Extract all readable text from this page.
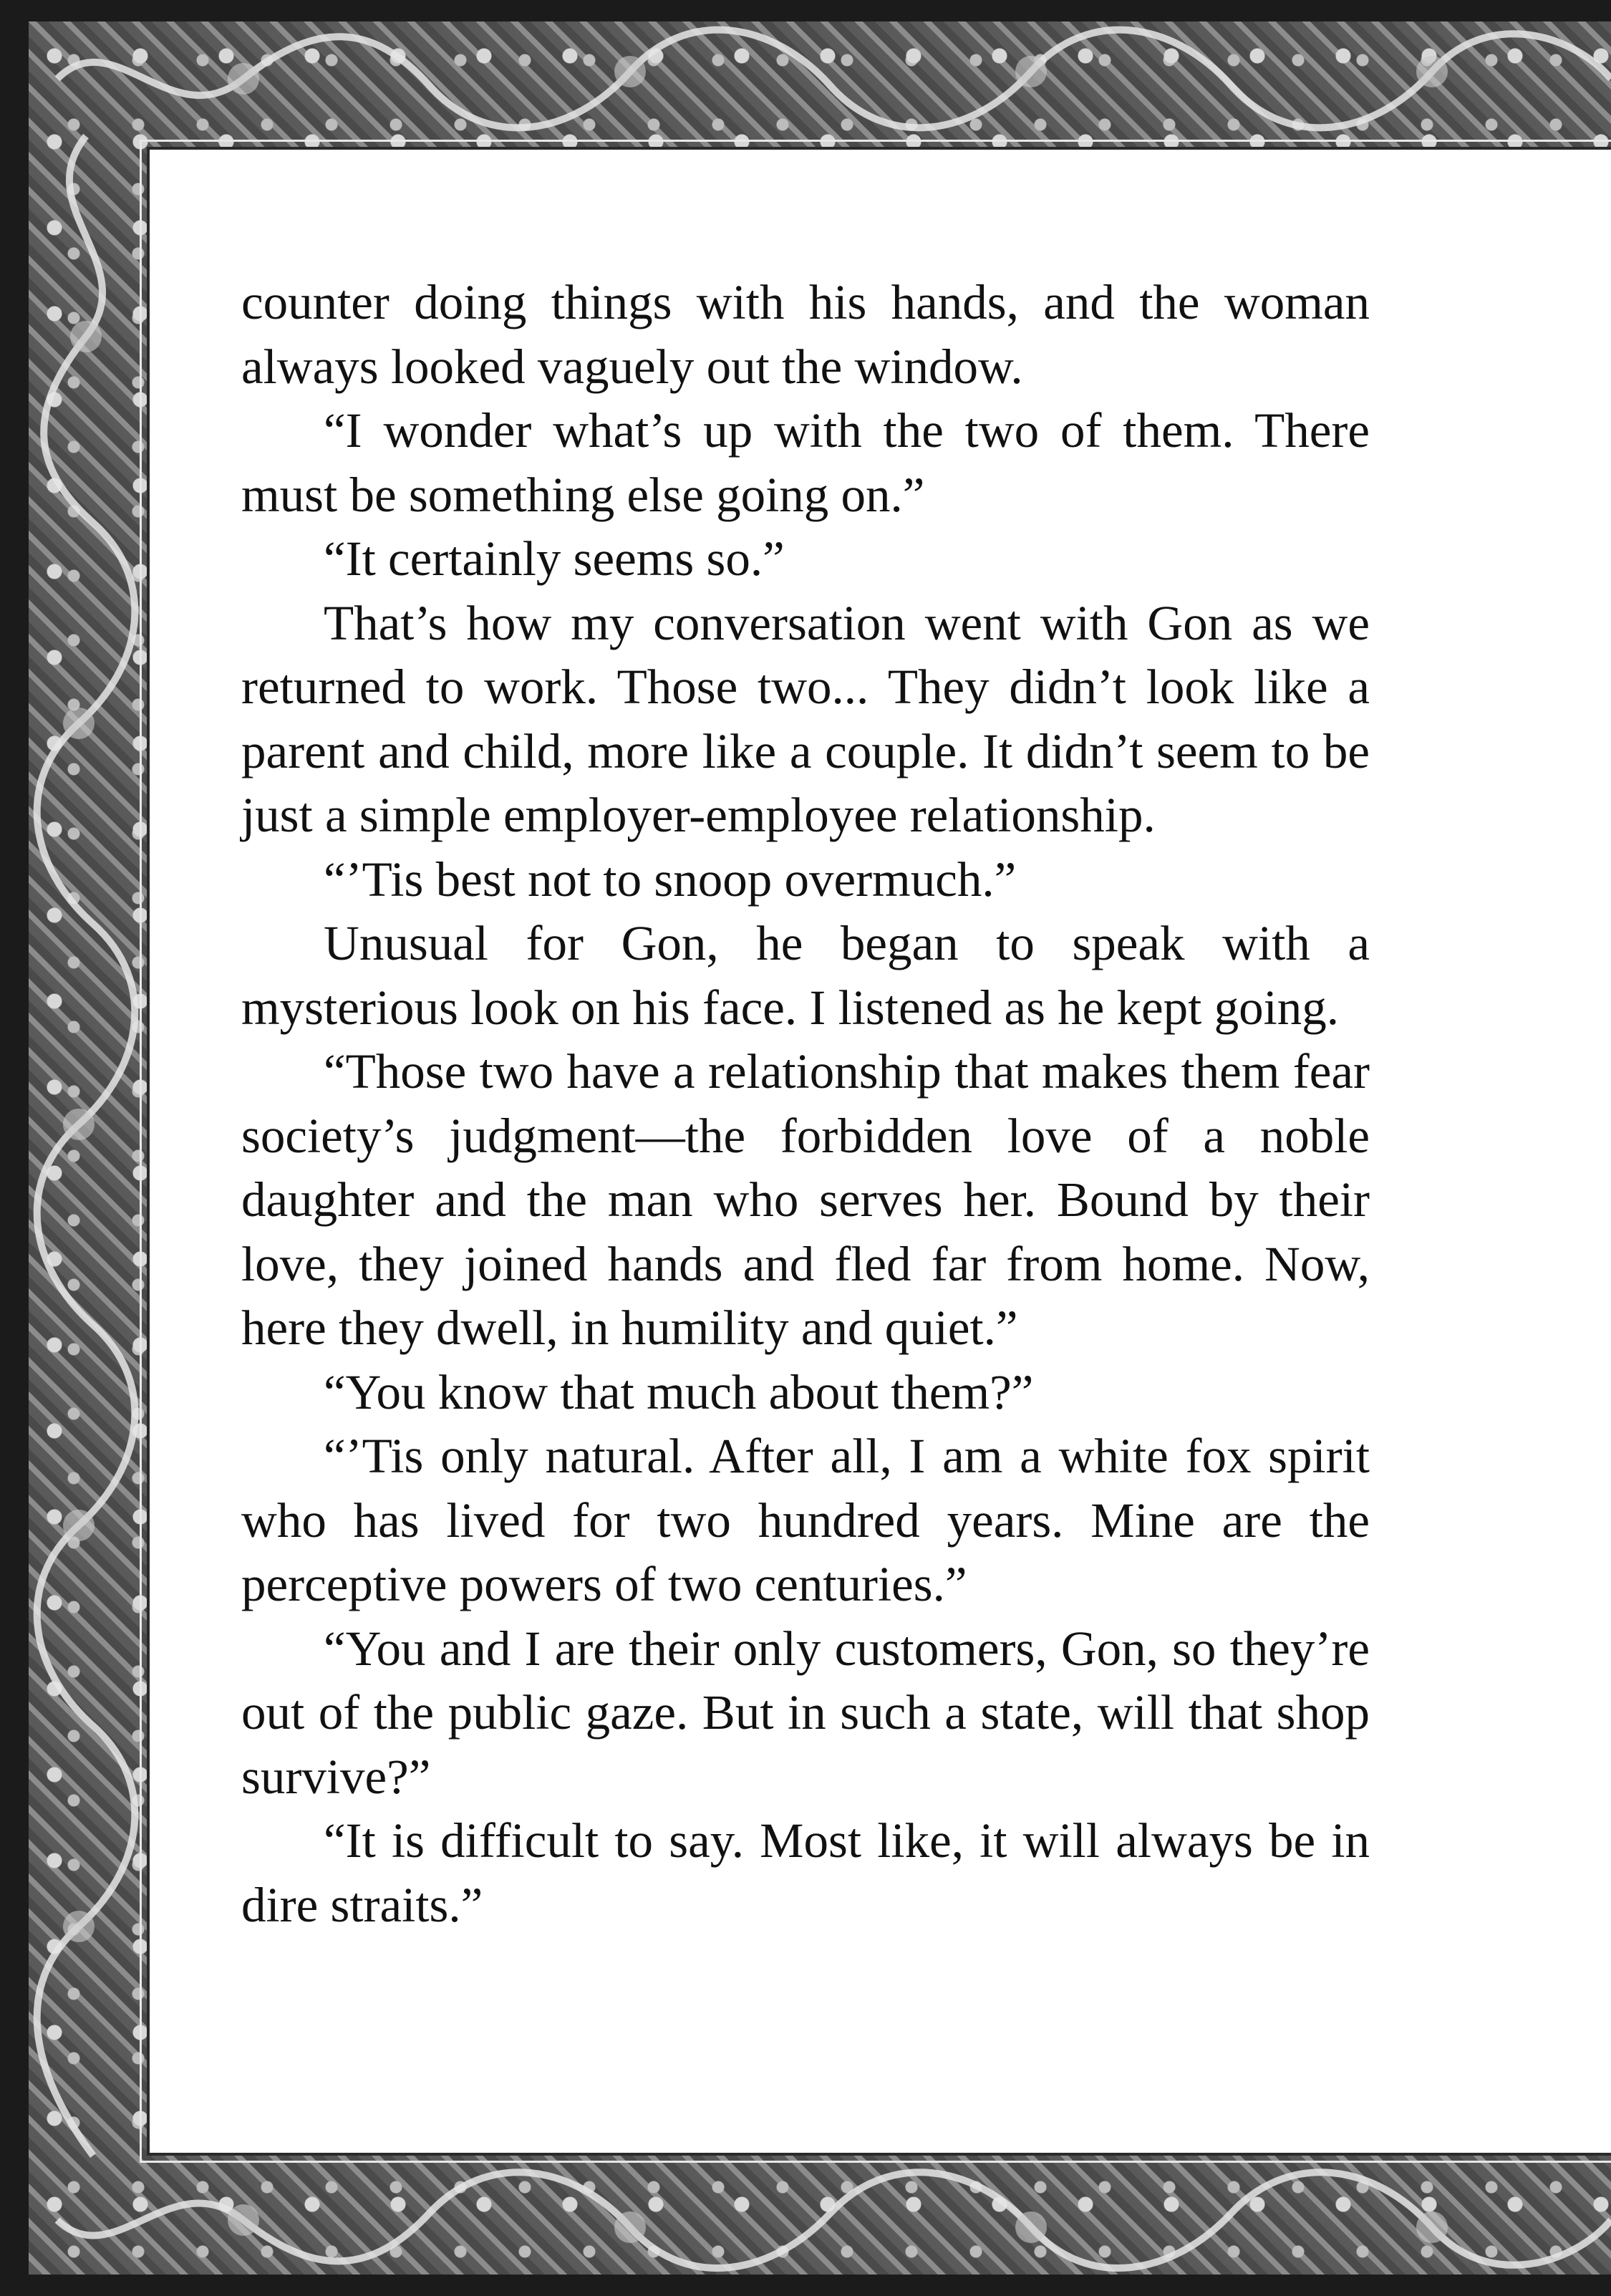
counter doing things with his hands, and the woman always looked vaguely out the window.

“I wonder what’s up with the two of them. There must be something else going on.”

“It certainly seems so.”

That’s how my conversation went with Gon as we returned to work. Those two... They didn’t look like a parent and child, more like a couple. It didn’t seem to be just a simple employer-employee relationship.

“’Tis best not to snoop overmuch.”

Unusual for Gon, he began to speak with a mysterious look on his face. I listened as he kept going.

“Those two have a relationship that makes them fear society’s judgment—the forbidden love of a noble daughter and the man who serves her. Bound by their love, they joined hands and fled far from home. Now, here they dwell, in humility and quiet.”

“You know that much about them?”

“’Tis only natural. After all, I am a white fox spirit who has lived for two hundred years. Mine are the perceptive powers of two centuries.”

“You and I are their only customers, Gon, so they’re out of the public gaze. But in such a state, will that shop survive?”

“It is difficult to say. Most like, it will always be in dire straits.”
